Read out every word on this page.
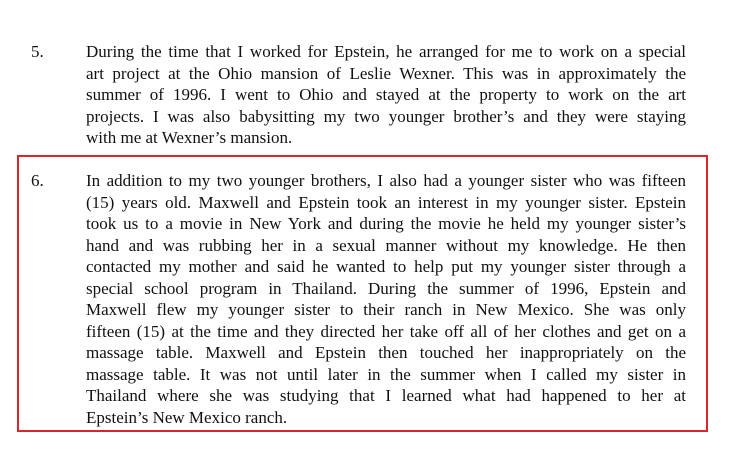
5. During the time that I worked for Epstein, he arranged for me to work on a special
art project at the Ohio mansion of Leslie Wexner. This was in approximately the
summer of 1996. I went to Ohio and stayed at the property to work on the art
projects. I was also babysitting my two younger brother’s and they were staying
with me at Wexner’s mansion.
6. In addition to my two younger brothers, I also had a younger sister who was fifteen
(15) years old. Maxwell and Epstein took an interest in my younger sister. Epstein
took us to a movie in New York and during the movie he held my younger sister’s
hand and was rubbing her in a sexual manner without my knowledge. He then
contacted my mother and said he wanted to help put my younger sister through a
special school program in Thailand. During the summer of 1996, Epstein and
Maxwell flew my younger sister to their ranch in New Mexico. She was only
fifteen (15) at the time and they directed her take off all of her clothes and get on a
massage table. Maxwell and Epstein then touched her inappropriately on the
massage table. It was not until later in the summer when I called my sister in
Thailand where she was studying that I learned what had happened to her at
Epstein’s New Mexico ranch.
